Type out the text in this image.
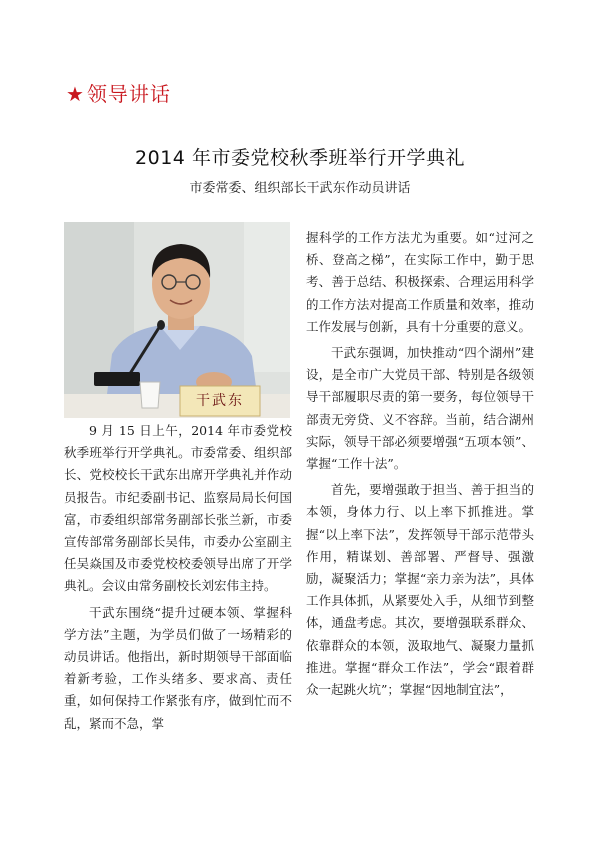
★ 领导讲话
2014 年市委党校秋季班举行开学典礼
市委常委、组织部长干武东作动员讲话
干武东

9 月 15 日上午，2014 年市委党校秋季班举行开学典礼。市委常委、组织部长、党校校长干武东出席开学典礼并作动员报告。市纪委副书记、监察局局长何国富，市委组织部常务副部长张兰新，市委宣传部常务副部长吴伟，市委办公室副主任吴焱国及市委党校校委领导出席了开学典礼。会议由常务副校长刘宏伟主持。

干武东围绕“提升过硬本领、掌握科学方法”主题，为学员们做了一场精彩的动员讲话。他指出，新时期领导干部面临着新考验，工作头绪多、要求高、责任重，如何保持工作紧张有序，做到忙而不乱，紧而不急，掌

握科学的工作方法尤为重要。如“过河之桥、登高之梯”，在实际工作中，勤于思考、善于总结、积极探索、合理运用科学的工作方法对提高工作质量和效率，推动工作发展与创新，具有十分重要的意义。

干武东强调，加快推动“四个湖州”建设，是全市广大党员干部、特别是各级领导干部履职尽责的第一要务，每位领导干部责无旁贷、义不容辞。当前，结合湖州实际，领导干部必须要增强“五项本领”、掌握“工作十法”。

首先，要增强敢于担当、善于担当的本领，身体力行、以上率下抓推进。掌握“以上率下法”，发挥领导干部示范带头作用，精谋划、善部署、严督导、强激励，凝聚活力；掌握“亲力亲为法”，具体工作具体抓，从紧要处入手，从细节到整体，通盘考虑。其次，要增强联系群众、依靠群众的本领，汲取地气、凝聚力量抓推进。掌握“群众工作法”，学会“跟着群众一起跳火坑”；掌握“因地制宜法”，
